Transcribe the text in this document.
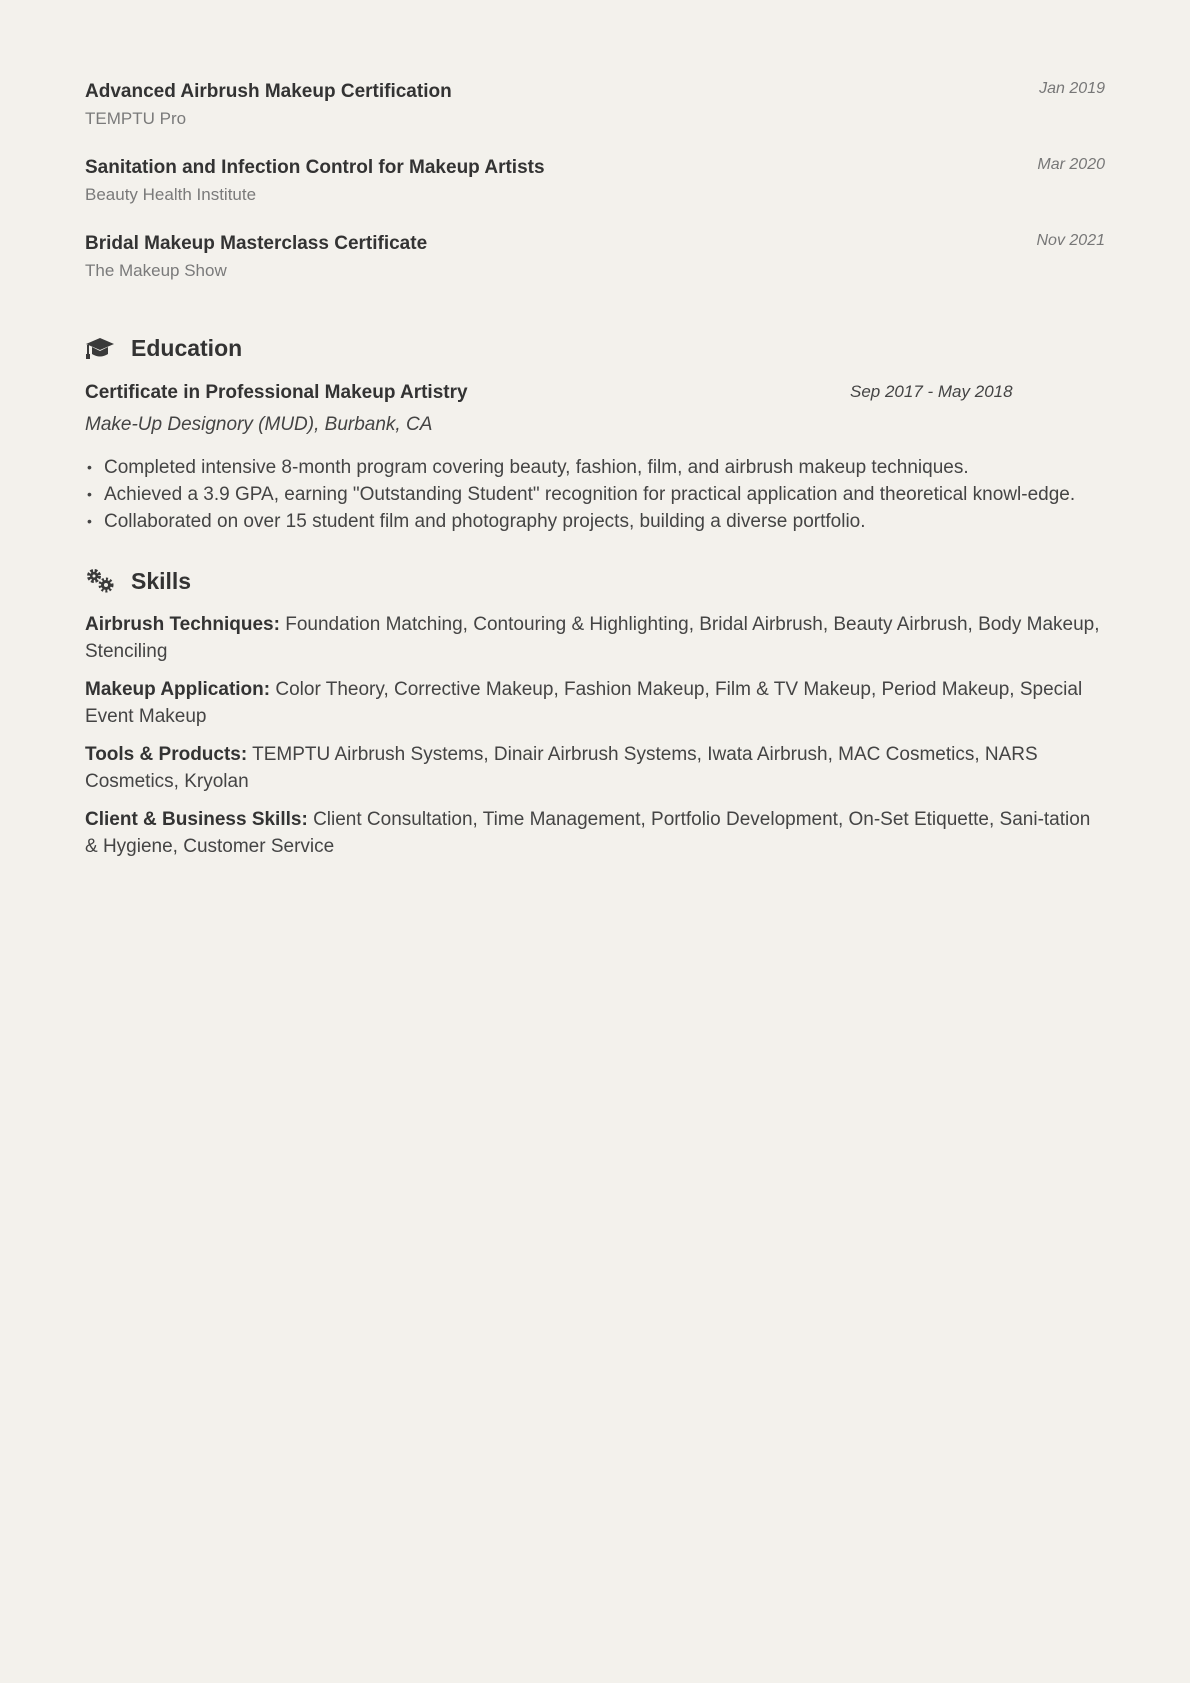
Advanced Airbrush Makeup Certification
TEMPTU Pro
Jan 2019
Sanitation and Infection Control for Makeup Artists
Beauty Health Institute
Mar 2020
Bridal Makeup Masterclass Certificate
The Makeup Show
Nov 2021
Education
Certificate in Professional Makeup Artistry	Sep 2017 - May 2018
Make-Up Designory (MUD), Burbank, CA
• Completed intensive 8-month program covering beauty, fashion, film, and airbrush makeup techniques.
• Achieved a 3.9 GPA, earning "Outstanding Student" recognition for practical application and theoretical knowl-edge.
• Collaborated on over 15 student film and photography projects, building a diverse portfolio.
Skills
Airbrush Techniques: Foundation Matching, Contouring & Highlighting, Bridal Airbrush, Beauty Airbrush, Body Makeup, Stenciling
Makeup Application: Color Theory, Corrective Makeup, Fashion Makeup, Film & TV Makeup, Period Makeup, Special Event Makeup
Tools & Products: TEMPTU Airbrush Systems, Dinair Airbrush Systems, Iwata Airbrush, MAC Cosmetics, NARS Cosmetics, Kryolan
Client & Business Skills: Client Consultation, Time Management, Portfolio Development, On-Set Etiquette, Sani-tation & Hygiene, Customer Service
